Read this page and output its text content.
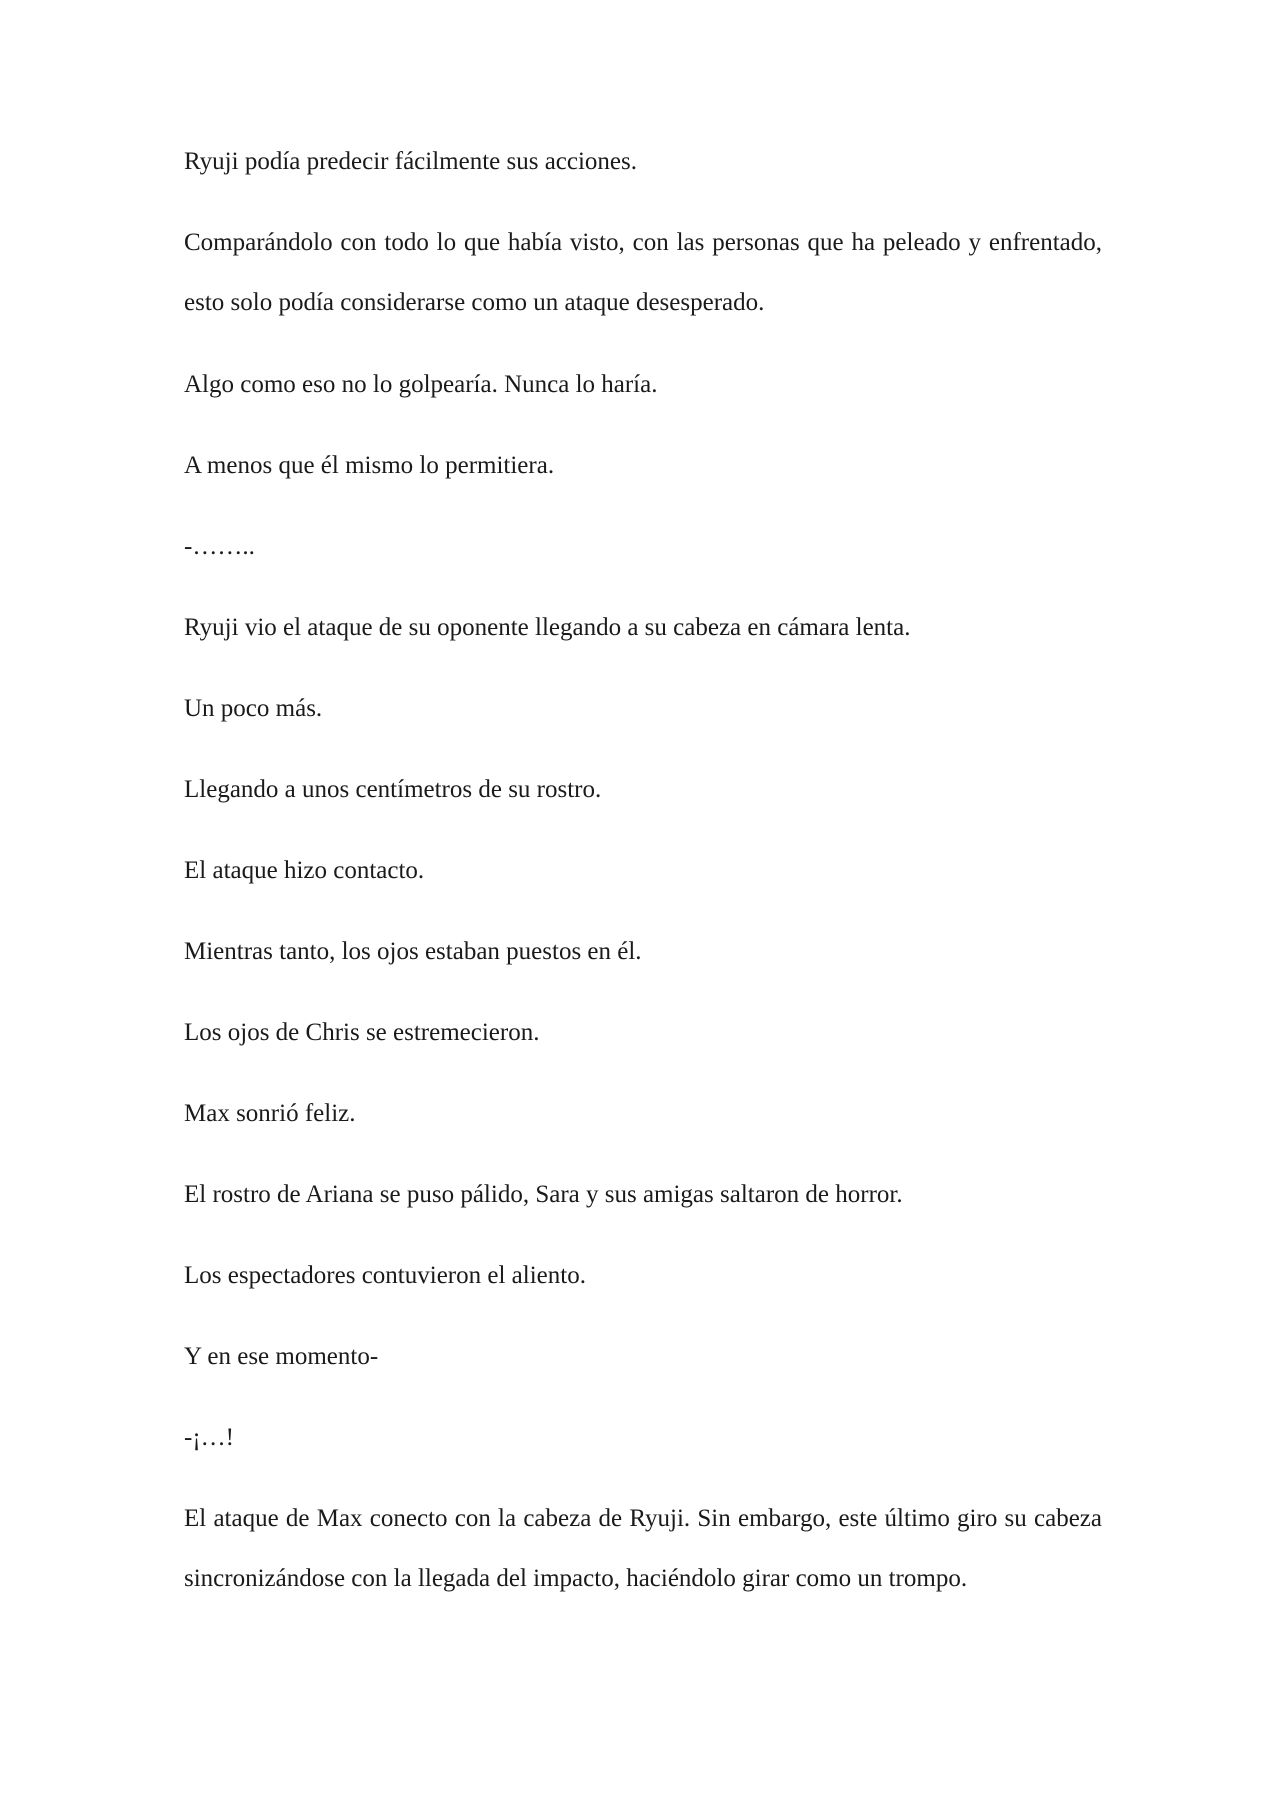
Ryuji podía predecir fácilmente sus acciones.

Comparándolo con todo lo que había visto, con las personas que ha peleado y enfrentado, esto solo podía considerarse como un ataque desesperado.

Algo como eso no lo golpearía. Nunca lo haría.

A menos que él mismo lo permitiera.

-……..

Ryuji vio el ataque de su oponente llegando a su cabeza en cámara lenta.

Un poco más.

Llegando a unos centímetros de su rostro.

El ataque hizo contacto.

Mientras tanto, los ojos estaban puestos en él.

Los ojos de Chris se estremecieron.

Max sonrió feliz.

El rostro de Ariana se puso pálido, Sara y sus amigas saltaron de horror.

Los espectadores contuvieron el aliento.

Y en ese momento-

-¡…!

El ataque de Max conecto con la cabeza de Ryuji. Sin embargo, este último giro su cabeza sincronizándose con la llegada del impacto, haciéndolo girar como un trompo.
